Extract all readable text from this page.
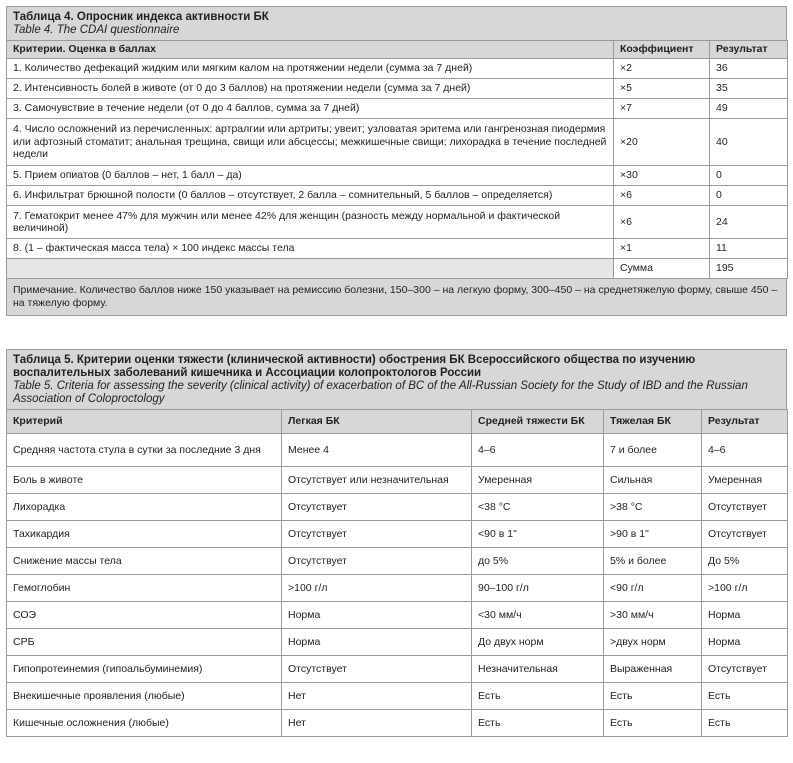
Таблица 4. Опросник индекса активности БК
Table 4. The CDAI questionnaire
Критерии. Оценка в баллах	Коэффициент	Результат
1. Количество дефекаций жидким или мягким калом на протяжении недели (сумма за 7 дней)	×2	36
2. Интенсивность болей в животе (от 0 до 3 баллов) на протяжении недели (сумма за 7 дней)	×5	35
3. Самочувствие в течение недели (от 0 до 4 баллов, сумма за 7 дней)	×7	49
4. Число осложнений из перечисленных: артралгии или артриты; увеит; узловатая эритема или гангренозная пиодермия или афтозный стоматит; анальная трещина, свищи или абсцессы; межкишечные свищи; лихорадка в течение последней недели	×20	40
5. Прием опиатов (0 баллов – нет, 1 балл – да)	×30	0
6. Инфильтрат брюшной полости (0 баллов – отсутствует, 2 балла – сомнительный, 5 баллов – определяется)	×6	0
7. Гематокрит менее 47% для мужчин или менее 42% для женщин (разность между нормальной и фактической величиной)	×6	24
8. (1 – фактическая масса тела) × 100 индекс массы тела	×1	11
	Сумма	195
Примечание. Количество баллов ниже 150 указывает на ремиссию болезни, 150–300 – на легкую форму, 300–450 – на среднетяжелую форму, свыше 450 – на тяжелую форму.
Таблица 5. Критерии оценки тяжести (клинической активности) обострения БК Всероссийского общества по изучению воспалительных заболеваний кишечника и Ассоциации колопроктологов России
Table 5. Criteria for assessing the severity (clinical activity) of exacerbation of BC of the All-Russian Society for the Study of IBD and the Russian Association of Coloproctology
Критерий	Легкая БК	Средней тяжести БК	Тяжелая БК	Результат
Средняя частота стула в сутки за последние 3 дня	Менее 4	4–6	7 и более	4–6
Боль в животе	Отсутствует или незначительная	Умеренная	Сильная	Умеренная
Лихорадка	Отсутствует	<38 °С	>38 °С	Отсутствует
Тахикардия	Отсутствует	<90 в 1"	>90 в 1"	Отсутствует
Снижение массы тела	Отсутствует	до 5%	5% и более	До 5%
Гемоглобин	>100 г/л	90–100 г/л	<90 г/л	>100 г/л
СОЭ	Норма	<30 мм/ч	>30 мм/ч	Норма
СРБ	Норма	До двух норм	>двух норм	Норма
Гипопротеинемия (гипоальбуминемия)	Отсутствует	Незначительная	Выраженная	Отсутствует
Внекишечные проявления (любые)	Нет	Есть	Есть	Есть
Кишечные осложнения (любые)	Нет	Есть	Есть	Есть
